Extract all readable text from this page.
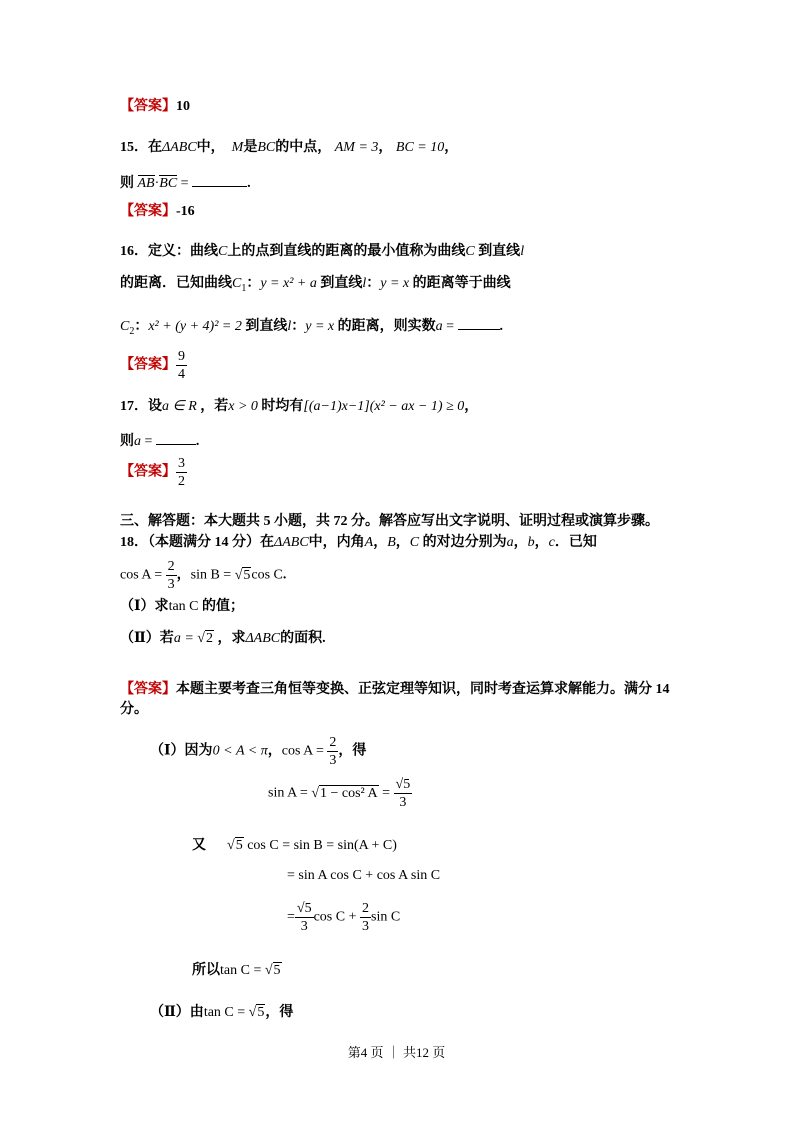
【答案】10
15．在ΔABC中， M是BC的中点， AM = 3， BC = 10，
则 AB·BC =	.
【答案】-16
16．定义：曲线C上的点到直线的距离的最小值称为曲线C 到直线l
的距离．已知曲线$C_1$：y = x² + a 到直线l：y = x 的距离等于曲线
$C_2$：x² + (y + 4)² = 2 到直线l：y = x 的距离，则实数a =	.
【答案】 $\frac{9}{4}$
17．设a ∈ R ，若x > 0 时均有[(a−1)x−1](x² − ax − 1) ≥ 0，
则a =	.
【答案】 $\frac{3}{2}$
三、解答题：本大题共 5 小题，共 72 分。解答应写出文字说明、证明过程或演算步骤。
18．（本题满分 14 分）在ΔABC中，内角A，B，C 的对边分别为a，b，c．已知
$\cos A = \frac{2}{3}$ ，sin B = √5cos C.
（Ⅰ）求tan C 的值；
（Ⅱ）若a = √2 ，求ΔABC的面积.
【答案】本题主要考查三角恒等变换、正弦定理等知识，同时考查运算求解能力。满分 14
分。
（Ⅰ）因为0 < A < π，$\cos A = \frac{2}{3}$ ，得
sin A = √1 − cos² $A = \frac{√5}{3}$
又 √5 cos C = sin B = sin(A + C)
= sin A cos C + cos A sin C
= $\frac{√5}{3}$ $\cos C + \frac{2}{3}$ sin C
所以tan C = √5
（Ⅱ）由tan C = √5，得
第4 页 ｜ 共12 页
